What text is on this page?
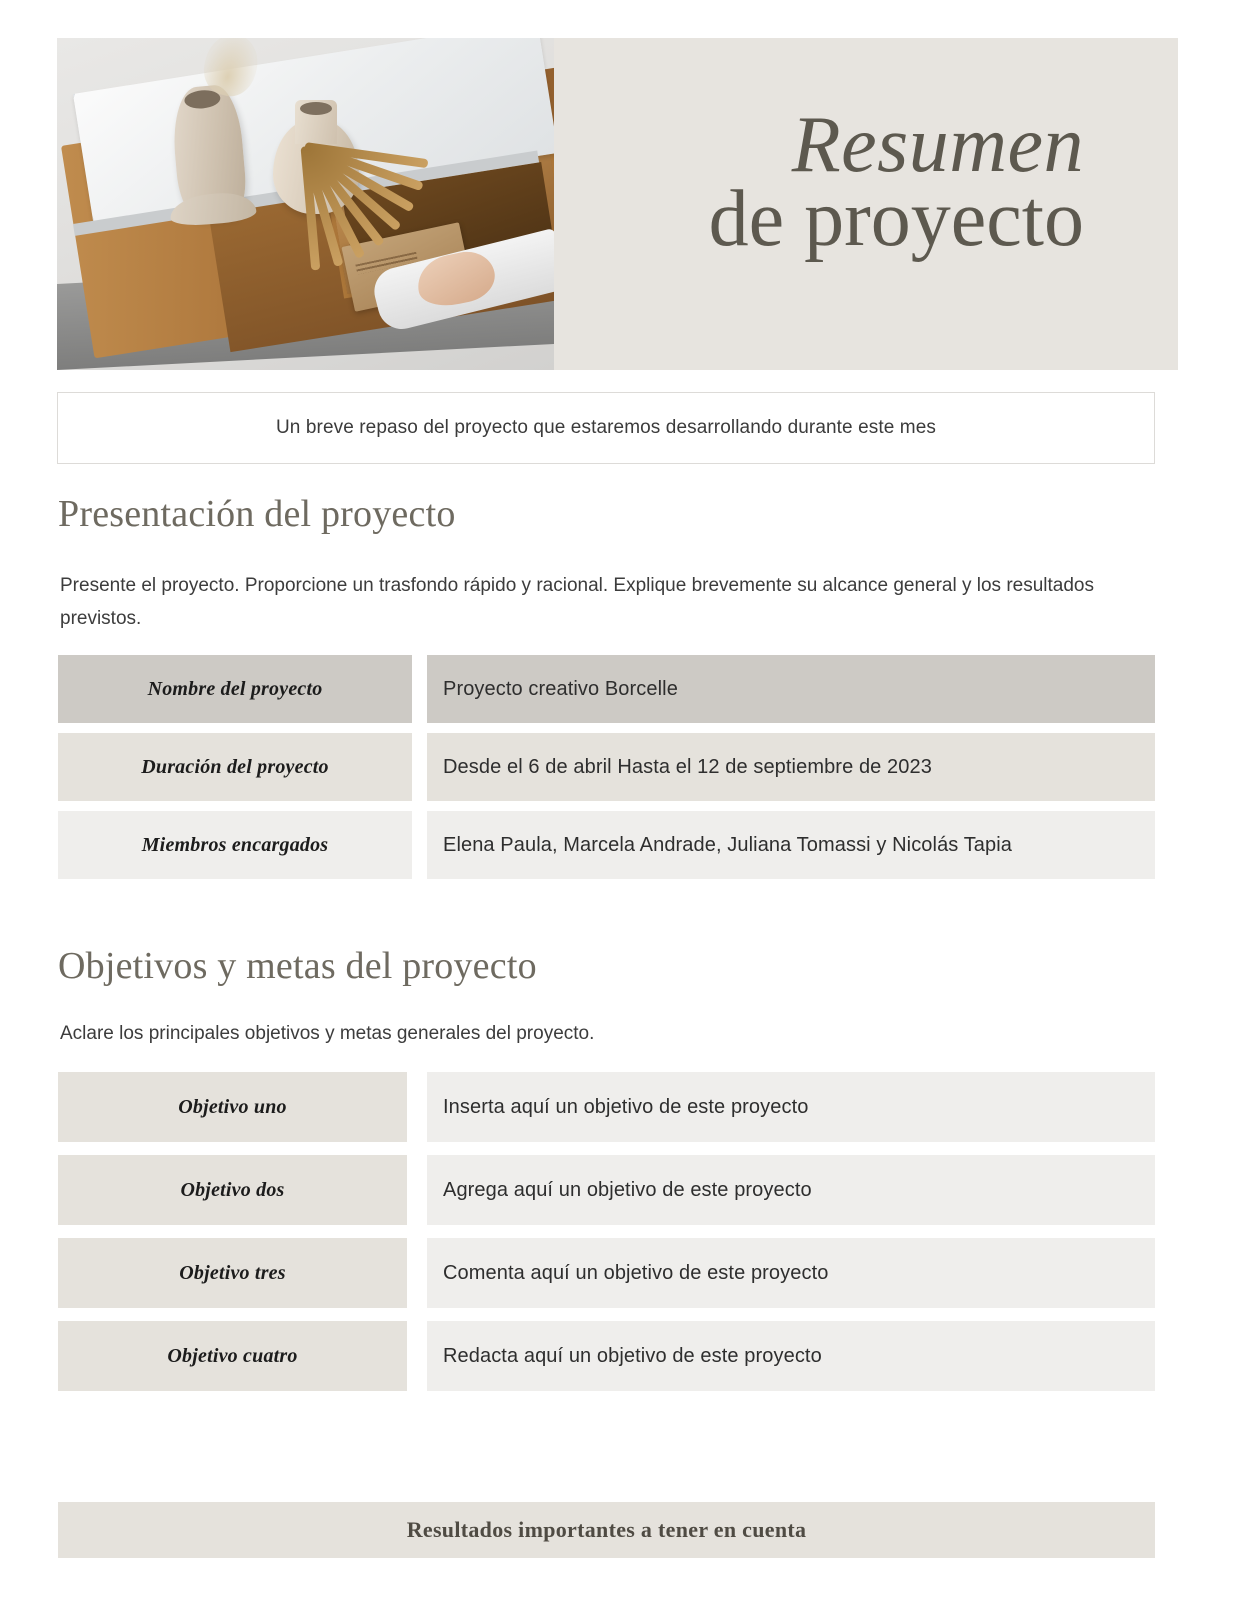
Resumen
de proyecto
Un breve repaso del proyecto que estaremos desarrollando durante este mes
Presentación del proyecto
Presente el proyecto. Proporcione un trasfondo rápido y racional. Explique brevemente su alcance general y los resultados previstos.
Nombre del proyecto	Proyecto creativo Borcelle
Duración del proyecto	Desde el 6 de abril Hasta el 12 de septiembre de 2023
Miembros encargados	Elena Paula, Marcela Andrade, Juliana Tomassi y Nicolás Tapia
Objetivos y metas del proyecto
Aclare los principales objetivos y metas generales del proyecto.
Objetivo uno	Inserta aquí un objetivo de este proyecto
Objetivo dos	Agrega aquí un objetivo de este proyecto
Objetivo tres	Comenta aquí un objetivo de este proyecto
Objetivo cuatro	Redacta aquí un objetivo de este proyecto
Resultados importantes a tener en cuenta
